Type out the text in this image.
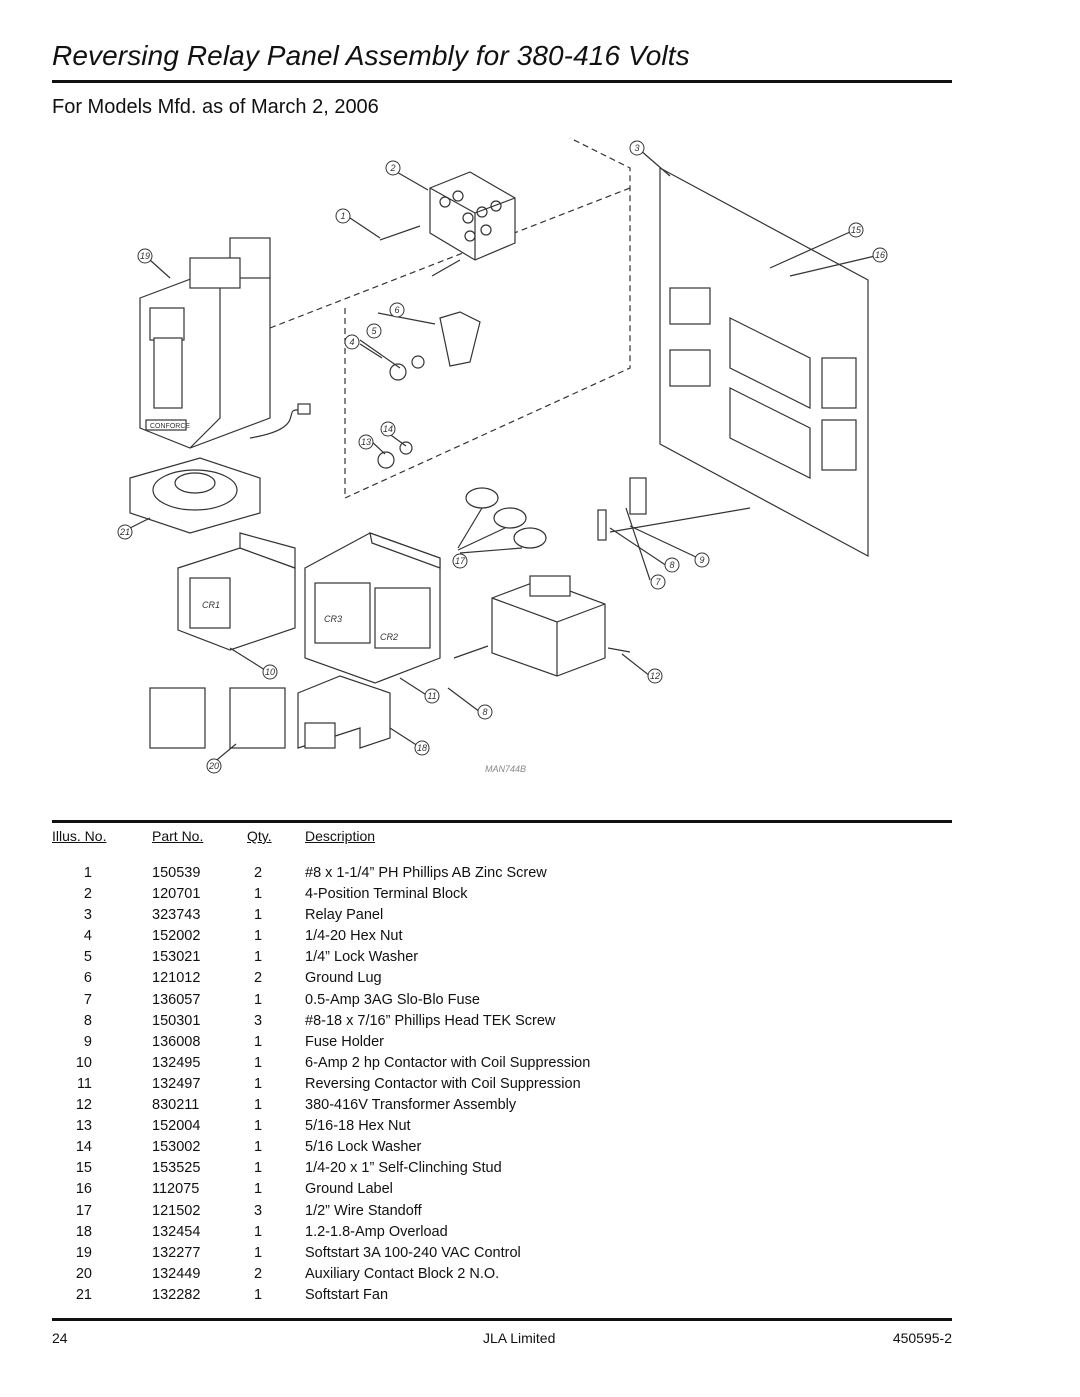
Reversing Relay Panel Assembly for 380-416 Volts
For Models Mfd. as of March 2, 2006
CONFORCE
1
2
3
4
5
6
7
8
8
9
10
11
12
13
14
15
16
17
18
19
20
21
CR1
CR3
CR2
MAN744B
Illus. No.	Part No.	Qty. Description
1	150539	2	#8 x 1-1/4” PH Phillips AB Zinc Screw
2	120701	1	4-Position Terminal Block
3	323743	1	Relay Panel
4	152002	1	1/4-20 Hex Nut
5	153021	1	1/4” Lock Washer
6	121012	2	Ground Lug
7	136057	1	0.5-Amp 3AG Slo-Blo Fuse
8	150301	3	#8-18 x 7/16” Phillips Head TEK Screw
9	136008	1	Fuse Holder
10	132495	1	6-Amp 2 hp Contactor with Coil Suppression
11	132497	1	Reversing Contactor with Coil Suppression
12	830211	1	380-416V Transformer Assembly
13	152004	1	5/16-18 Hex Nut
14	153002	1	5/16 Lock Washer
15	153525	1	1/4-20 x 1” Self-Clinching Stud
16	112075	1	Ground Label
17	121502	3	1/2” Wire Standoff
18	132454	1	1.2-1.8-Amp Overload
19	132277	1	Softstart 3A 100-240 VAC Control
20	132449	2	Auxiliary Contact Block 2 N.O.
21	132282	1	Softstart Fan
24	JLA Limited	450595-2
